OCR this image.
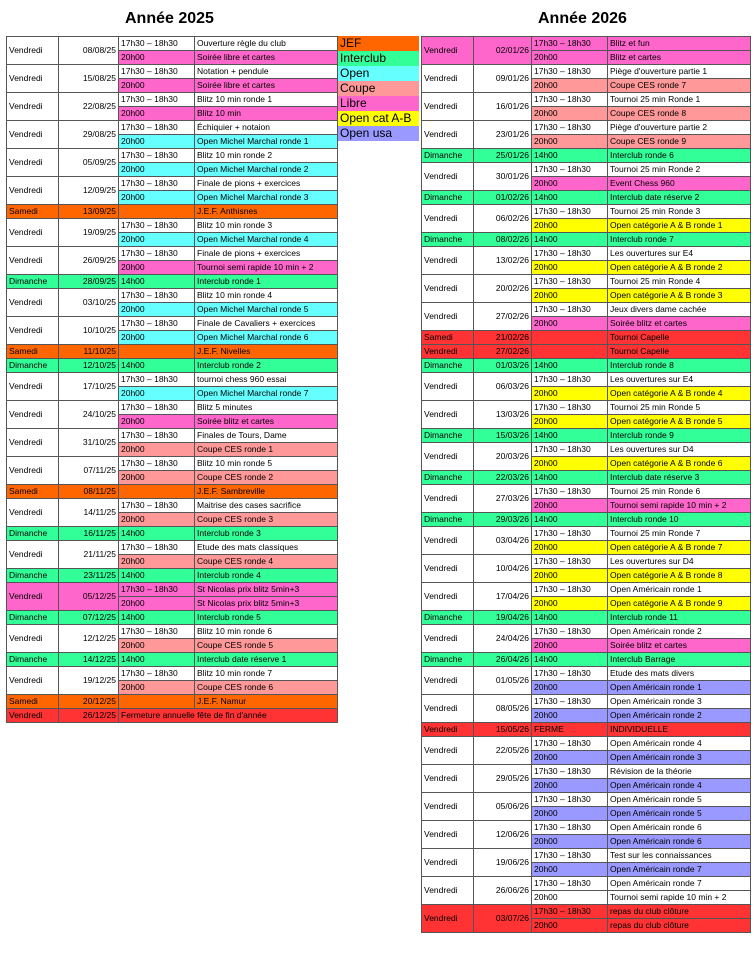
Année 2025	Année 2026
Vendredi	08/08/25	17h30 – 18h30	Ouverture règle du club
		20h00	Soirée libre et cartes
Vendredi	15/08/25	17h30 – 18h30	Notation + pendule
		20h00	Soirée libre et cartes
Vendredi	22/08/25	17h30 – 18h30	Blitz 10 min ronde 1
		20h00	Blitz 10 min
Vendredi	29/08/25	17h30 – 18h30	Échiquier + notaion
		20h00	Open Michel Marchal ronde 1
Vendredi	05/09/25	17h30 – 18h30	Blitz 10 min ronde 2
		20h00	Open Michel Marchal ronde 2
Vendredi	12/09/25	17h30 – 18h30	Finale de pions + exercices
		20h00	Open Michel Marchal ronde 3
Samedi	13/09/25		J.E.F. Anthisnes
Vendredi	19/09/25	17h30 – 18h30	Blitz 10 min ronde 3
		20h00	Open Michel Marchal ronde 4
Vendredi	26/09/25	17h30 – 18h30	Finale de pions + exercices
		20h00	Tournoi semi rapide 10 min + 2
Dimanche	28/09/25	14h00	Interclub ronde 1
Vendredi	03/10/25	17h30 – 18h30	Blitz 10 min ronde 4
		20h00	Open Michel Marchal ronde 5
Vendredi	10/10/25	17h30 – 18h30	Finale de Cavaliers + exercices
		20h00	Open Michel Marchal ronde 6
Samedi	11/10/25		J.E.F. Nivelles
Dimanche	12/10/25	14h00	Interclub ronde 2
Vendredi	17/10/25	17h30 – 18h30	tournoi chess 960 essai
		20h00	Open Michel Marchal ronde 7
Vendredi	24/10/25	17h30 – 18h30	Blitz 5 minutes
		20h00	Soirée blitz et cartes
Vendredi	31/10/25	17h30 – 18h30	Finales de Tours, Dame
		20h00	Coupe CES ronde 1
Vendredi	07/11/25	17h30 – 18h30	Blitz 10 min ronde 5
		20h00	Coupe CES ronde 2
Samedi	08/11/25		J.E.F. Sambreville
Vendredi	14/11/25	17h30 – 18h30	Maitrise des cases sacrifice
		20h00	Coupe CES ronde 3
Dimanche	16/11/25	14h00	Interclub ronde 3
Vendredi	21/11/25	17h30 – 18h30	Etude des mats classiques
		20h00	Coupe CES ronde 4
Dimanche	23/11/25	14h00	Interclub ronde 4
Vendredi	05/12/25	17h30 – 18h30	St Nicolas prix blitz 5min+3
		20h00	St Nicolas prix blitz 5min+3
Dimanche	07/12/25	14h00	Interclub ronde 5
Vendredi	12/12/25	17h30 – 18h30	Blitz 10 min ronde 6
		20h00	Coupe CES ronde 5
Dimanche	14/12/25	14h00	Interclub date réserve 1
Vendredi	19/12/25	17h30 – 18h30	Blitz 10 min ronde 7
		20h00	Coupe CES ronde 6
Samedi	20/12/25		J.E.F. Namur
Vendredi	26/12/25	Fermeture annuelle fête de fin d'année	
JEF
Interclub
Open
Coupe
Libre
Open cat A-B
Open usa
Vendredi	02/01/26	17h30 – 18h30	Blitz et fun
		20h00	Blitz et cartes
Vendredi	09/01/26	17h30 – 18h30	Piège d'ouverture partie 1
		20h00	Coupe CES ronde 7
Vendredi	16/01/26	17h30 – 18h30	Tournoi 25 min Ronde 1
		20h00	Coupe CES ronde 8
Vendredi	23/01/26	17h30 – 18h30	Piège d'ouverture partie 2
		20h00	Coupe CES ronde 9
Dimanche	25/01/26	14h00	Interclub ronde 6
Vendredi	30/01/26	17h30 – 18h30	Tournoi 25 min Ronde 2
		20h00	Event Chess 960
Dimanche	01/02/26	14h00	Interclub date réserve 2
Vendredi	06/02/26	17h30 – 18h30	Tournoi 25 min Ronde 3
		20h00	Open catégorie A & B ronde 1
Dimanche	08/02/26	14h00	Interclub ronde 7
Vendredi	13/02/26	17h30 – 18h30	Les ouvertures sur E4
		20h00	Open catégorie A & B ronde 2
Vendredi	20/02/26	17h30 – 18h30	Tournoi 25 min Ronde 4
		20h00	Open catégorie A & B ronde 3
Vendredi	27/02/26	17h30 – 18h30	Jeux divers dame cachée
		20h00	Soirée blitz et cartes
Samedi	21/02/26		Tournoi Capelle
Vendredi	27/02/26		Tournoi Capelle
Dimanche	01/03/26	14h00	Interclub ronde 8
Vendredi	06/03/26	17h30 – 18h30	Les ouvertures sur E4
		20h00	Open catégorie A & B ronde 4
Vendredi	13/03/26	17h30 – 18h30	Tournoi 25 min Ronde 5
		20h00	Open catégorie A & B ronde 5
Dimanche	15/03/26	14h00	Interclub ronde 9
Vendredi	20/03/26	17h30 – 18h30	Les ouvertures sur D4
		20h00	Open catégorie A & B ronde 6
Dimanche	22/03/26	14h00	Interclub date réserve 3
Vendredi	27/03/26	17h30 – 18h30	Tournoi 25 min Ronde 6
		20h00	Tournoi semi rapide 10 min + 2
Dimanche	29/03/26	14h00	Interclub ronde 10
Vendredi	03/04/26	17h30 – 18h30	Tournoi 25 min Ronde 7
		20h00	Open catégorie A & B ronde 7
Vendredi	10/04/26	17h30 – 18h30	Les ouvertures sur D4
		20h00	Open catégorie A & B ronde 8
Vendredi	17/04/26	17h30 – 18h30	Open Américain ronde 1
		20h00	Open catégorie A & B ronde 9
Dimanche	19/04/26	14h00	Interclub ronde 11
Vendredi	24/04/26	17h30 – 18h30	Open Américain ronde 2
		20h00	Soirée blitz et cartes
Dimanche	26/04/26	14h00	Interclub Barrage
Vendredi	01/05/26	17h30 – 18h30	Etude des mats divers
		20h00	Open Américain ronde 1
Vendredi	08/05/26	17h30 – 18h30	Open Américain ronde 3
		20h00	Open Américain ronde 2
Vendredi	15/05/26	FERME	INDIVIDUELLE
Vendredi	22/05/26	17h30 – 18h30	Open Américain ronde 4
		20h00	Open Américain ronde 3
Vendredi	29/05/26	17h30 – 18h30	Révision de la théorie
		20h00	Open Américain ronde 4
Vendredi	05/06/26	17h30 – 18h30	Open Américain ronde 5
		20h00	Open Américain ronde 5
Vendredi	12/06/26	17h30 – 18h30	Open Américain ronde 6
		20h00	Open Américain ronde 6
Vendredi	19/06/26	17h30 – 18h30	Test sur les connaissances
		20h00	Open Américain ronde 7
Vendredi	26/06/26	17h30 – 18h30	Open Américain ronde 7
		20h00	Tournoi semi rapide 10 min + 2
Vendredi	03/07/26	17h30 – 18h30	repas du club clôture
		20h00	repas du club clôture
